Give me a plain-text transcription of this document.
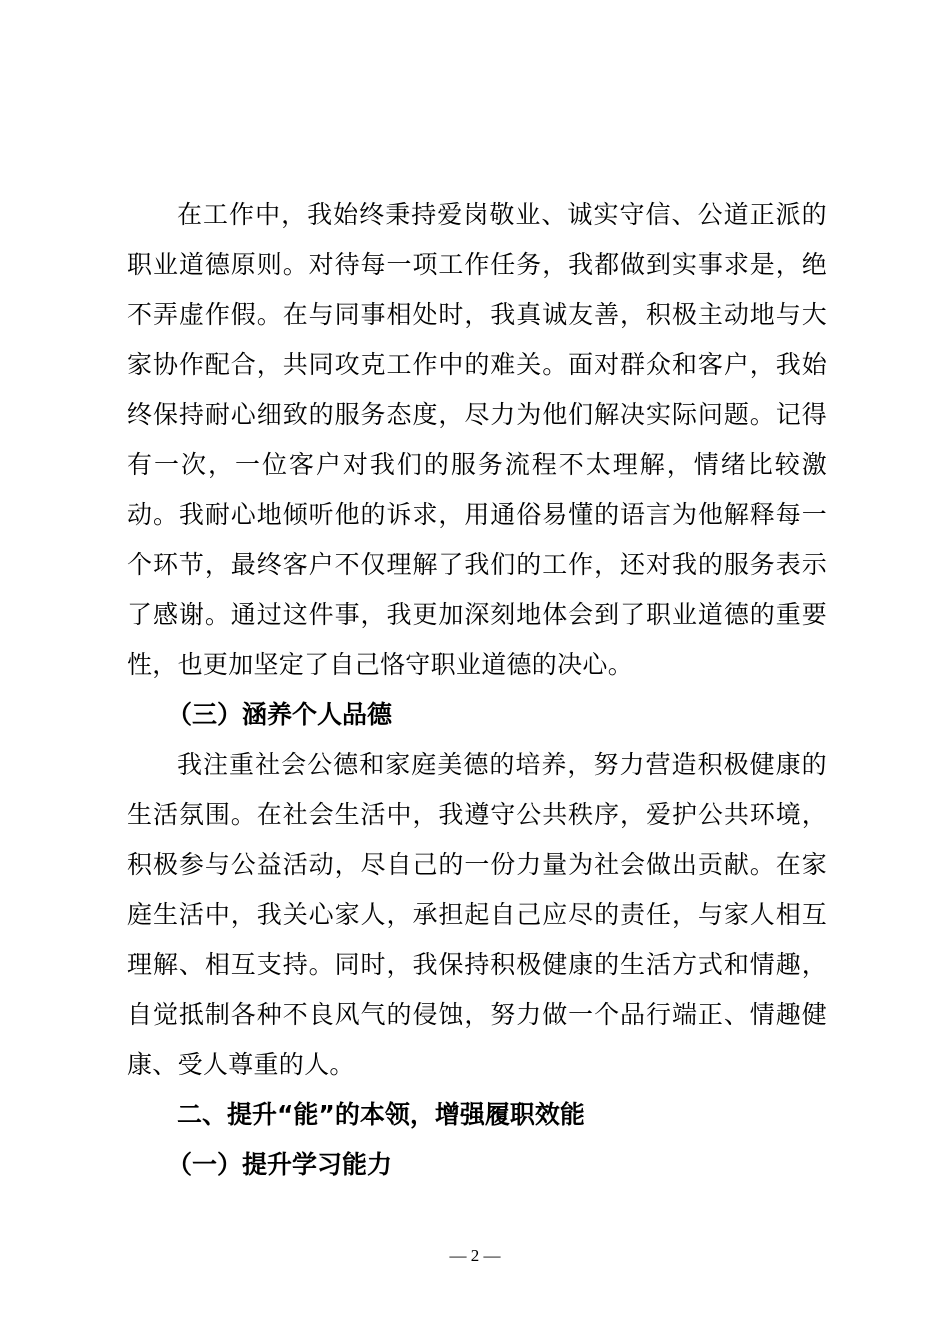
在工作中，我始终秉持爱岗敬业、诚实守信、公道正派的职业道德原则。对待每一项工作任务，我都做到实事求是，绝不弄虚作假。在与同事相处时，我真诚友善，积极主动地与大家协作配合，共同攻克工作中的难关。面对群众和客户，我始终保持耐心细致的服务态度，尽力为他们解决实际问题。记得有一次，一位客户对我们的服务流程不太理解，情绪比较激动。我耐心地倾听他的诉求，用通俗易懂的语言为他解释每一个环节，最终客户不仅理解了我们的工作，还对我的服务表示了感谢。通过这件事，我更加深刻地体会到了职业道德的重要性，也更加坚定了自己恪守职业道德的决心。

（三）涵养个人品德

我注重社会公德和家庭美德的培养，努力营造积极健康的生活氛围。在社会生活中，我遵守公共秩序，爱护公共环境，积极参与公益活动，尽自己的一份力量为社会做出贡献。在家庭生活中，我关心家人，承担起自己应尽的责任，与家人相互理解、相互支持。同时，我保持积极健康的生活方式和情趣，自觉抵制各种不良风气的侵蚀，努力做一个品行端正、情趣健康、受人尊重的人。

二、提升“能”的本领，增强履职效能

（一）提升学习能力

— 2 —
